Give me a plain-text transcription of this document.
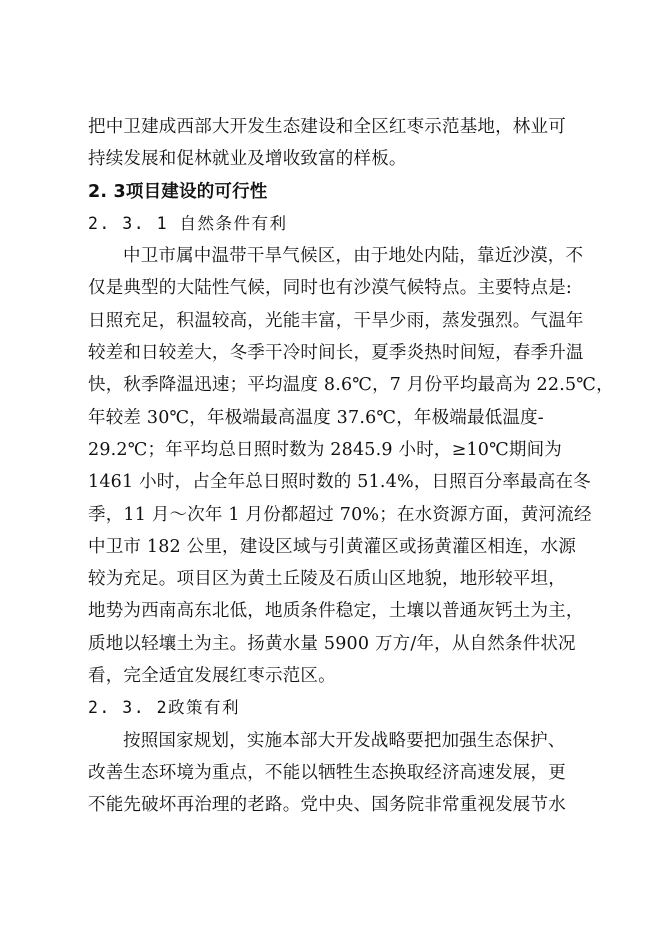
把中卫建成西部大开发生态建设和全区红枣示范基地，林业可
持续发展和促林就业及增收致富的样板。
2. 3项目建设的可行性
2. 3. 1 自然条件有利
中卫市属中温带干旱气候区，由于地处内陆，靠近沙漠，不
仅是典型的大陆性气候，同时也有沙漠气候特点。主要特点是:
日照充足，积温较高，光能丰富，干旱少雨，蒸发强烈。气温年
较差和日较差大，冬季干冷时间长，夏季炎热时间短，春季升温
快，秋季降温迅速；平均温度 8.6℃，7 月份平均最高为 22.5℃，
年较差 30℃，年极端最高温度 37.6℃，年极端最低温度-
29.2℃；年平均总日照时数为 2845.9 小时，≥10℃期间为
1461 小时，占全年总日照时数的 51.4%，日照百分率最高在冬
季，11 月～次年 1 月份都超过 70%；在水资源方面，黄河流经
中卫市 182 公里，建设区域与引黄灌区或扬黄灌区相连，水源
较为充足。项目区为黄土丘陵及石质山区地貌，地形较平坦，
地势为西南高东北低，地质条件稳定，土壤以普通灰钙土为主，
质地以轻壤土为主。扬黄水量 5900 万方/年，从自然条件状况
看，完全适宜发展红枣示范区。
2. 3. 2政策有利
按照国家规划，实施本部大开发战略要把加强生态保护、
改善生态环境为重点，不能以牺牲生态换取经济高速发展，更
不能先破坏再治理的老路。党中央、国务院非常重视发展节水
